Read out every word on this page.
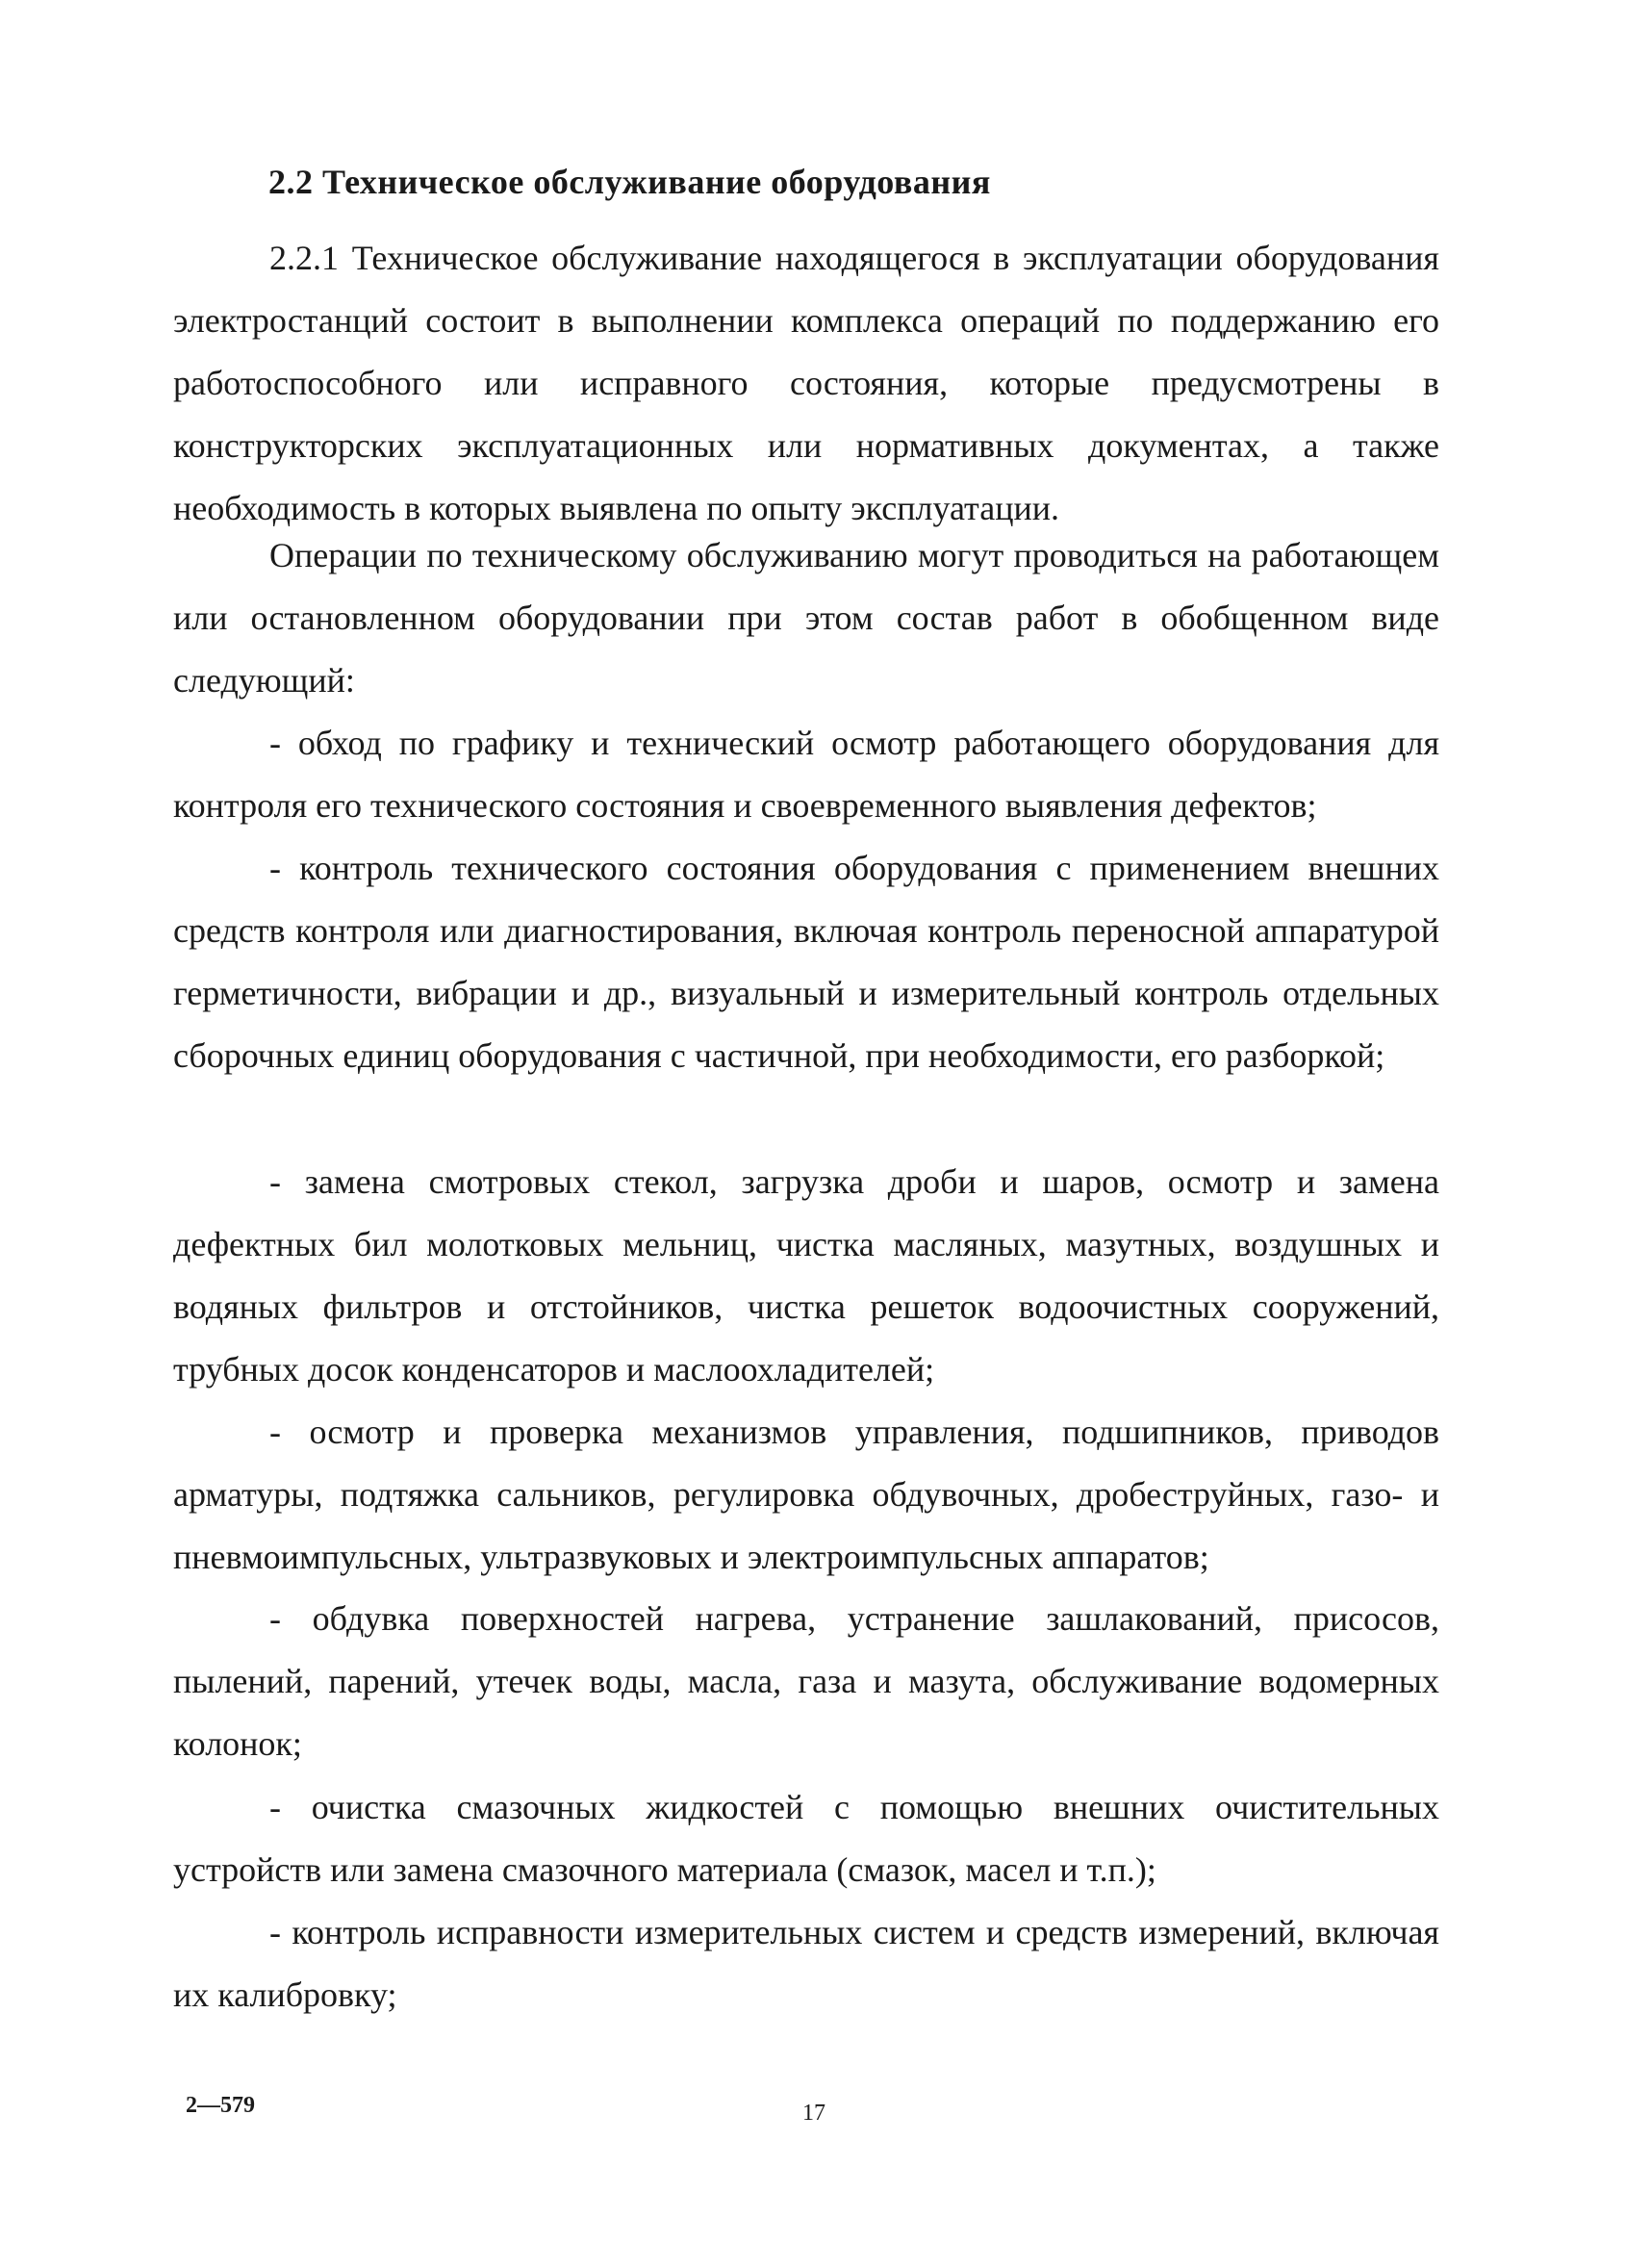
2.2 Техническое обслуживание оборудования

2.2.1 Техническое обслуживание находящегося в эксплуатации оборудования электростанций состоит в выполнении комплекса операций по поддержанию его работоспособного или исправного состояния, которые предусмотрены в конструкторских эксплуатационных или нормативных документах, а также необходимость в которых выявлена по опыту эксплуатации.

Операции по техническому обслуживанию могут проводиться на работающем или остановленном оборудовании при этом состав работ в обобщенном виде следующий:

- обход по графику и технический осмотр работающего оборудования для контроля его технического состояния и своевременного выявления дефектов;

- контроль технического состояния оборудования с применением внешних средств контроля или диагностирования, включая контроль переносной аппаратурой герметичности, вибрации и др., визуальный и измерительный контроль отдельных сборочных единиц оборудования с частичной, при необходимости, его разборкой;

- замена смотровых стекол, загрузка дроби и шаров, осмотр и замена дефектных бил молотковых мельниц, чистка масляных, мазутных, воздушных и водяных фильтров и отстойников, чистка решеток водоочистных сооружений, трубных досок конденсаторов и маслоохладителей;

- осмотр и проверка механизмов управления, подшипников, приводов арматуры, подтяжка сальников, регулировка обдувочных, дробеструйных, газо- и пневмоимпульсных, ультразвуковых и электроимпульсных аппаратов;

- обдувка поверхностей нагрева, устранение зашлакований, присосов, пылений, парений, утечек воды, масла, газа и мазута, обслуживание водомерных колонок;

- очистка смазочных жидкостей с помощью внешних очистительных устройств или замена смазочного материала (смазок, масел и т.п.);

- контроль исправности измерительных систем и средств измерений, включая их калибровку;

2—579	17
